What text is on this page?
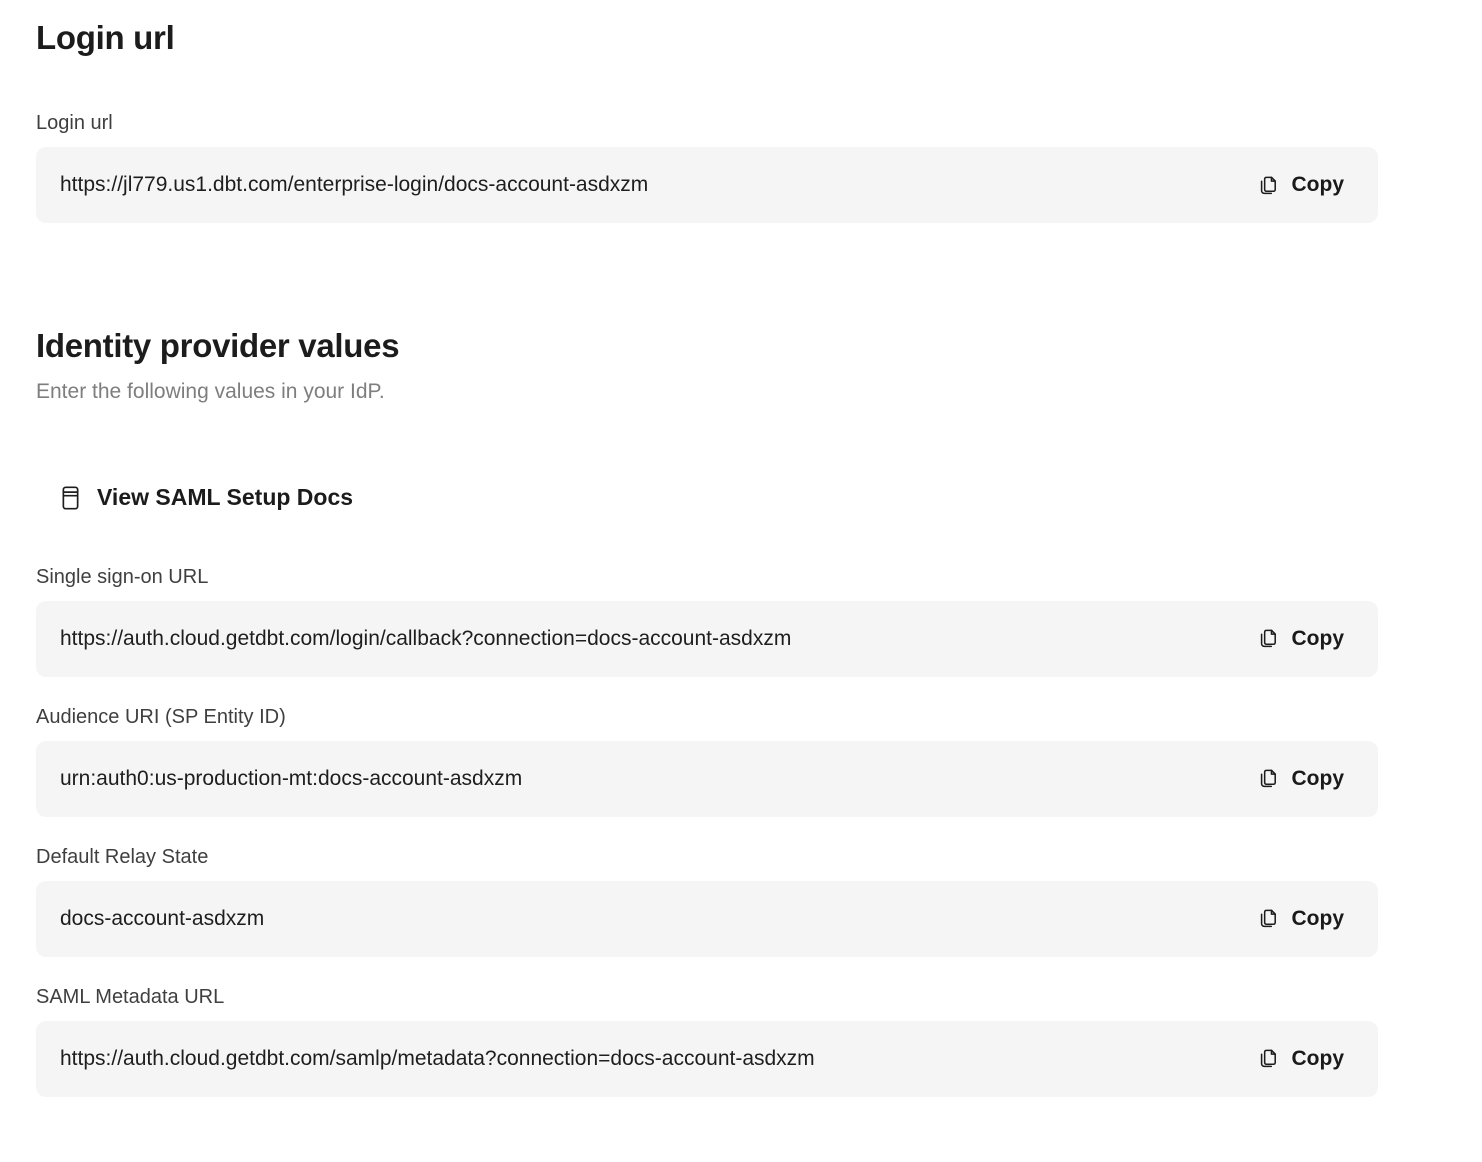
Login url
Login url
https://jl779.us1.dbt.com/enterprise-login/docs-account-asdxzm	Copy
Identity provider values
Enter the following values in your IdP.
View SAML Setup Docs
Single sign-on URL
https://auth.cloud.getdbt.com/login/callback?connection=docs-account-asdxzm	Copy
Audience URI (SP Entity ID)
urn:auth0:us-production-mt:docs-account-asdxzm	Copy
Default Relay State
docs-account-asdxzm	Copy
SAML Metadata URL
https://auth.cloud.getdbt.com/samlp/metadata?connection=docs-account-asdxzm	Copy
